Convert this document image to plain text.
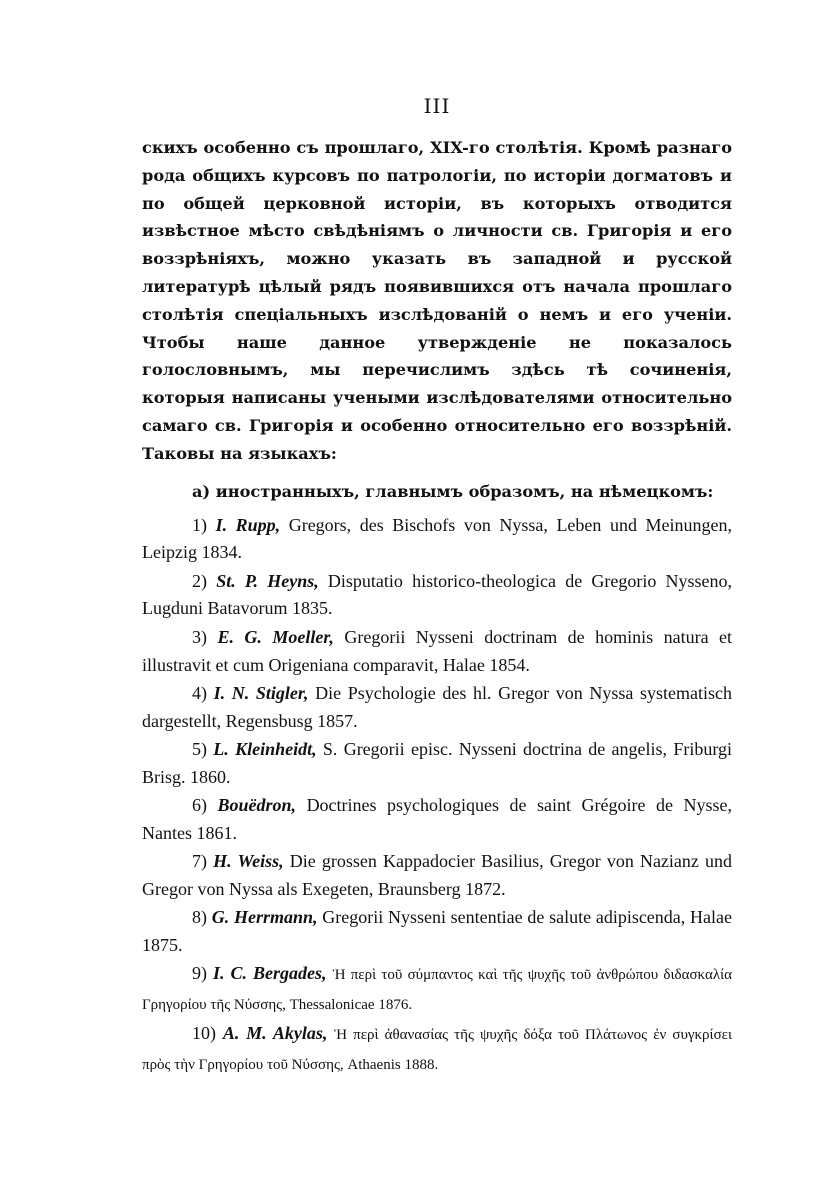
III

скихъ особенно съ прошлаго, XIX-го столѣтія. Кромѣ разнаго рода общихъ курсовъ по патрологіи, по исторіи догматовъ и по общей церковной исторіи, въ которыхъ отводится извѣстное мѣсто свѣдѣніямъ о личности св. Григорія и его воззрѣніяхъ, можно указать въ западной и русской литературѣ цѣлый рядъ появившихся отъ начала прошлаго столѣтія спеціальныхъ изслѣдованій о немъ и его ученіи. Чтобы наше данное утвержденіе не показалось голословнымъ, мы перечислимъ здѣсь тѣ сочиненія, которыя написаны учеными изслѣдователями относительно самаго св. Григорія и особенно относительно его воззрѣній. Таковы на языкахъ:

а) иностранныхъ, главнымъ образомъ, на нѣмецкомъ:

1) I. Rupp, Gregors, des Bischofs von Nyssa, Leben und Meinungen, Leipzig 1834.

2) St. P. Heyns, Disputatio historico-theologica de Gregorio Nysseno, Lugduni Batavorum 1835.

3) E. G. Moeller, Gregorii Nysseni doctrinam de hominis natura et illustravit et cum Origeniana comparavit, Halae 1854.

4) I. N. Stigler, Die Psychologie des hl. Gregor von Nyssa systematisch dargestellt, Regensbusg 1857.

5) L. Kleinheidt, S. Gregorii episc. Nysseni doctrina de angelis, Friburgi Brisg. 1860.

6) Bouëdron, Doctrines psychologiques de saint Grégoire de Nysse, Nantes 1861.

7) H. Weiss, Die grossen Kappadocier Basilius, Gregor von Nazianz und Gregor von Nyssa als Exegeten, Braunsberg 1872.

8) G. Herrmann, Gregorii Nysseni sententiae de salute adipiscenda, Halae 1875.

9) I. C. Bergades, Ἡ περὶ τοῦ σύμπαντος καὶ τῆς ψυχῆς τοῦ ἀνθρώπου διδασκαλία Γρηγορίου τῆς Νύσσης, Thessalonicae 1876.

10) A. M. Akylas, Ἡ περὶ ἀθανασίας τῆς ψυχῆς δόξα τοῦ Πλάτωνος ἐν συγκρίσει πρὸς τὴν Γρηγορίου τοῦ Νύσσης, Athaenis 1888.
